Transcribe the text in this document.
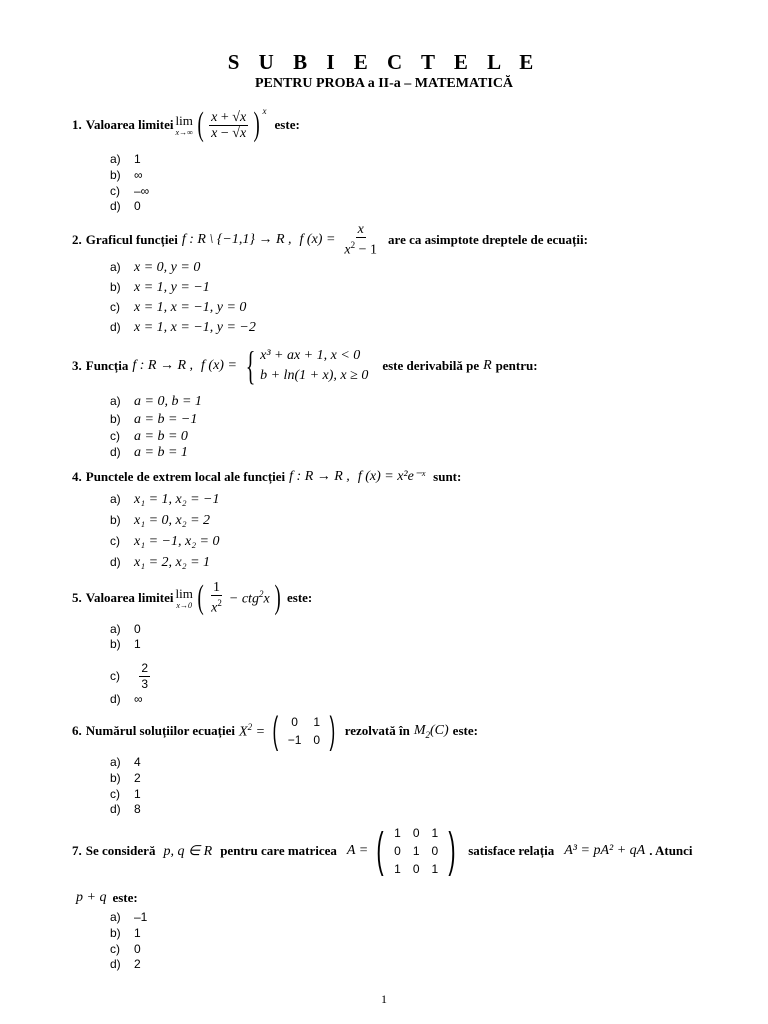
S U B I E C T E L E
PENTRU PROBA a II-a – MATEMATICĂ
1. Valoarea limitei lim
x→∞ ( $\frac{x + √x}{x - √x}$ ) $^x$
este:
a) 1
b) ∞
c) –∞
d) 0
2. Graficul funcției f : R \ {−1,1} → R , f $(x) = \frac{x}{x^2 - 1}$ are ca asimptote dreptele de ecuații:
a) x = 0, y = 0
b) x = 1, y = −1
c) x = 1, x = −1, y = 0
d) x = 1, x = −1, y = −2
3. Funcția f : R → R , f (x) = { x³ + ax + 1, x < 0
b + ln(1 + x), x ≥ 0
este derivabilă pe R pentru:
a) a = 0, b = 1
b) a = b = −1
c) a = b = 0
d) a = b = 1
4. Punctele de extrem local ale funcției f : R → R , f (x) = x²e⁻ˣ sunt:
a) x₁ = 1, x₂ = −1
b) x₁ = 0, x₂ = 2
c) x₁ = −1, x₂ = 0
d) x₁ = 2, x₂ = 1
5. Valoarea limitei lim
x→0 ( $\frac{1}{x^2} - ctg^2x$ ) este:
a) 0
b) 1
$c) \frac{2}{3}$
d) ∞
6. Numărul soluțiilor ecuației $X^2$ = ( 0	1
−1	0 ) rezolvată în $M_2(C)$ este:
a) 4
b) 2
c) 1
d) 8
7. Se consideră p, q ∈ R pentru care matricea A = ( 1	0	1
0	1	0
1	0	1 ) satisface relația A³ = pA² + qA . Atunci
p + q este:
a) –1
b) 1
c) 0
d) 2
1
